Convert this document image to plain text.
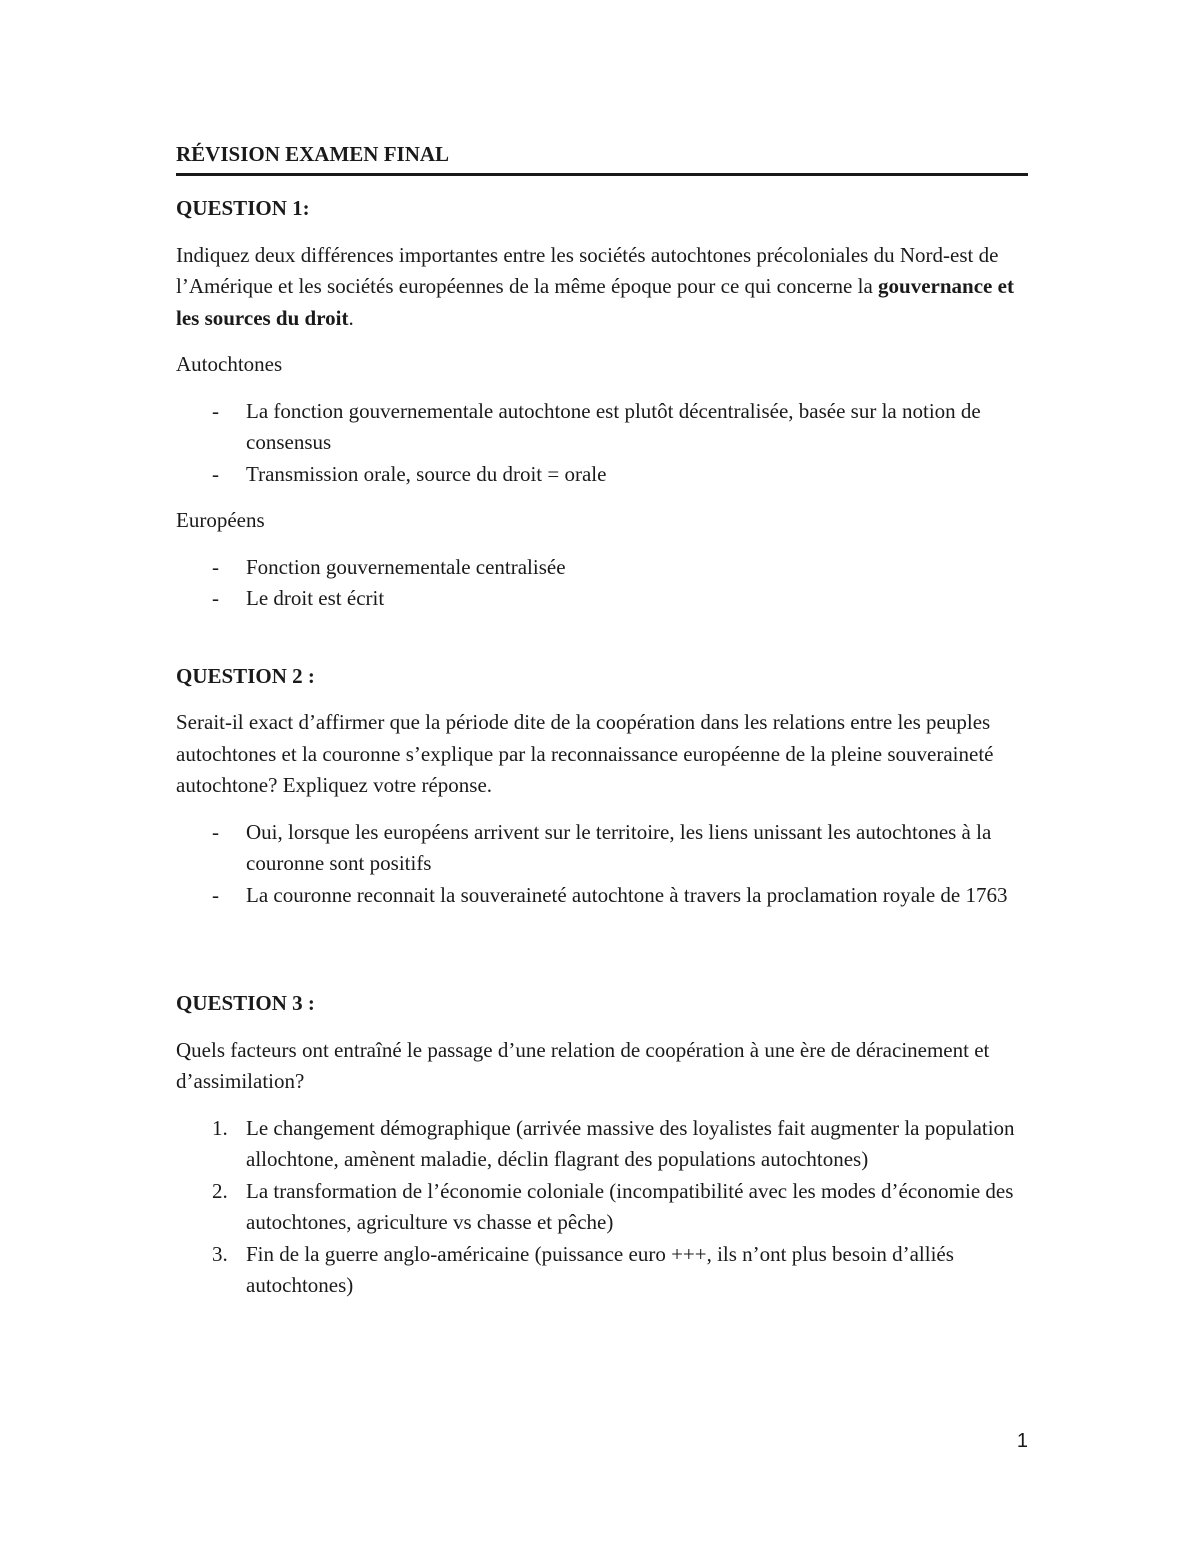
RÉVISION EXAMEN FINAL

QUESTION 1:

Indiquez deux différences importantes entre les sociétés autochtones précoloniales du Nord-est de l’Amérique et les sociétés européennes de la même époque pour ce qui concerne la gouvernance et les sources du droit.

Autochtones

- La fonction gouvernementale autochtone est plutôt décentralisée, basée sur la notion de consensus
- Transmission orale, source du droit = orale

Européens

- Fonction gouvernementale centralisée
- Le droit est écrit

QUESTION 2 :

Serait-il exact d’affirmer que la période dite de la coopération dans les relations entre les peuples autochtones et la couronne s’explique par la reconnaissance européenne de la pleine souveraineté autochtone? Expliquez votre réponse.

- Oui, lorsque les européens arrivent sur le territoire, les liens unissant les autochtones à la couronne sont positifs
- La couronne reconnait la souveraineté autochtone à travers la proclamation royale de 1763

QUESTION 3 :

Quels facteurs ont entraîné le passage d’une relation de coopération à une ère de déracinement et d’assimilation?

1. Le changement démographique (arrivée massive des loyalistes fait augmenter la population allochtone, amènent maladie, déclin flagrant des populations autochtones)
2. La transformation de l’économie coloniale (incompatibilité avec les modes d’économie des autochtones, agriculture vs chasse et pêche)
3. Fin de la guerre anglo-américaine (puissance euro +++, ils n’ont plus besoin d’alliés autochtones)
1
